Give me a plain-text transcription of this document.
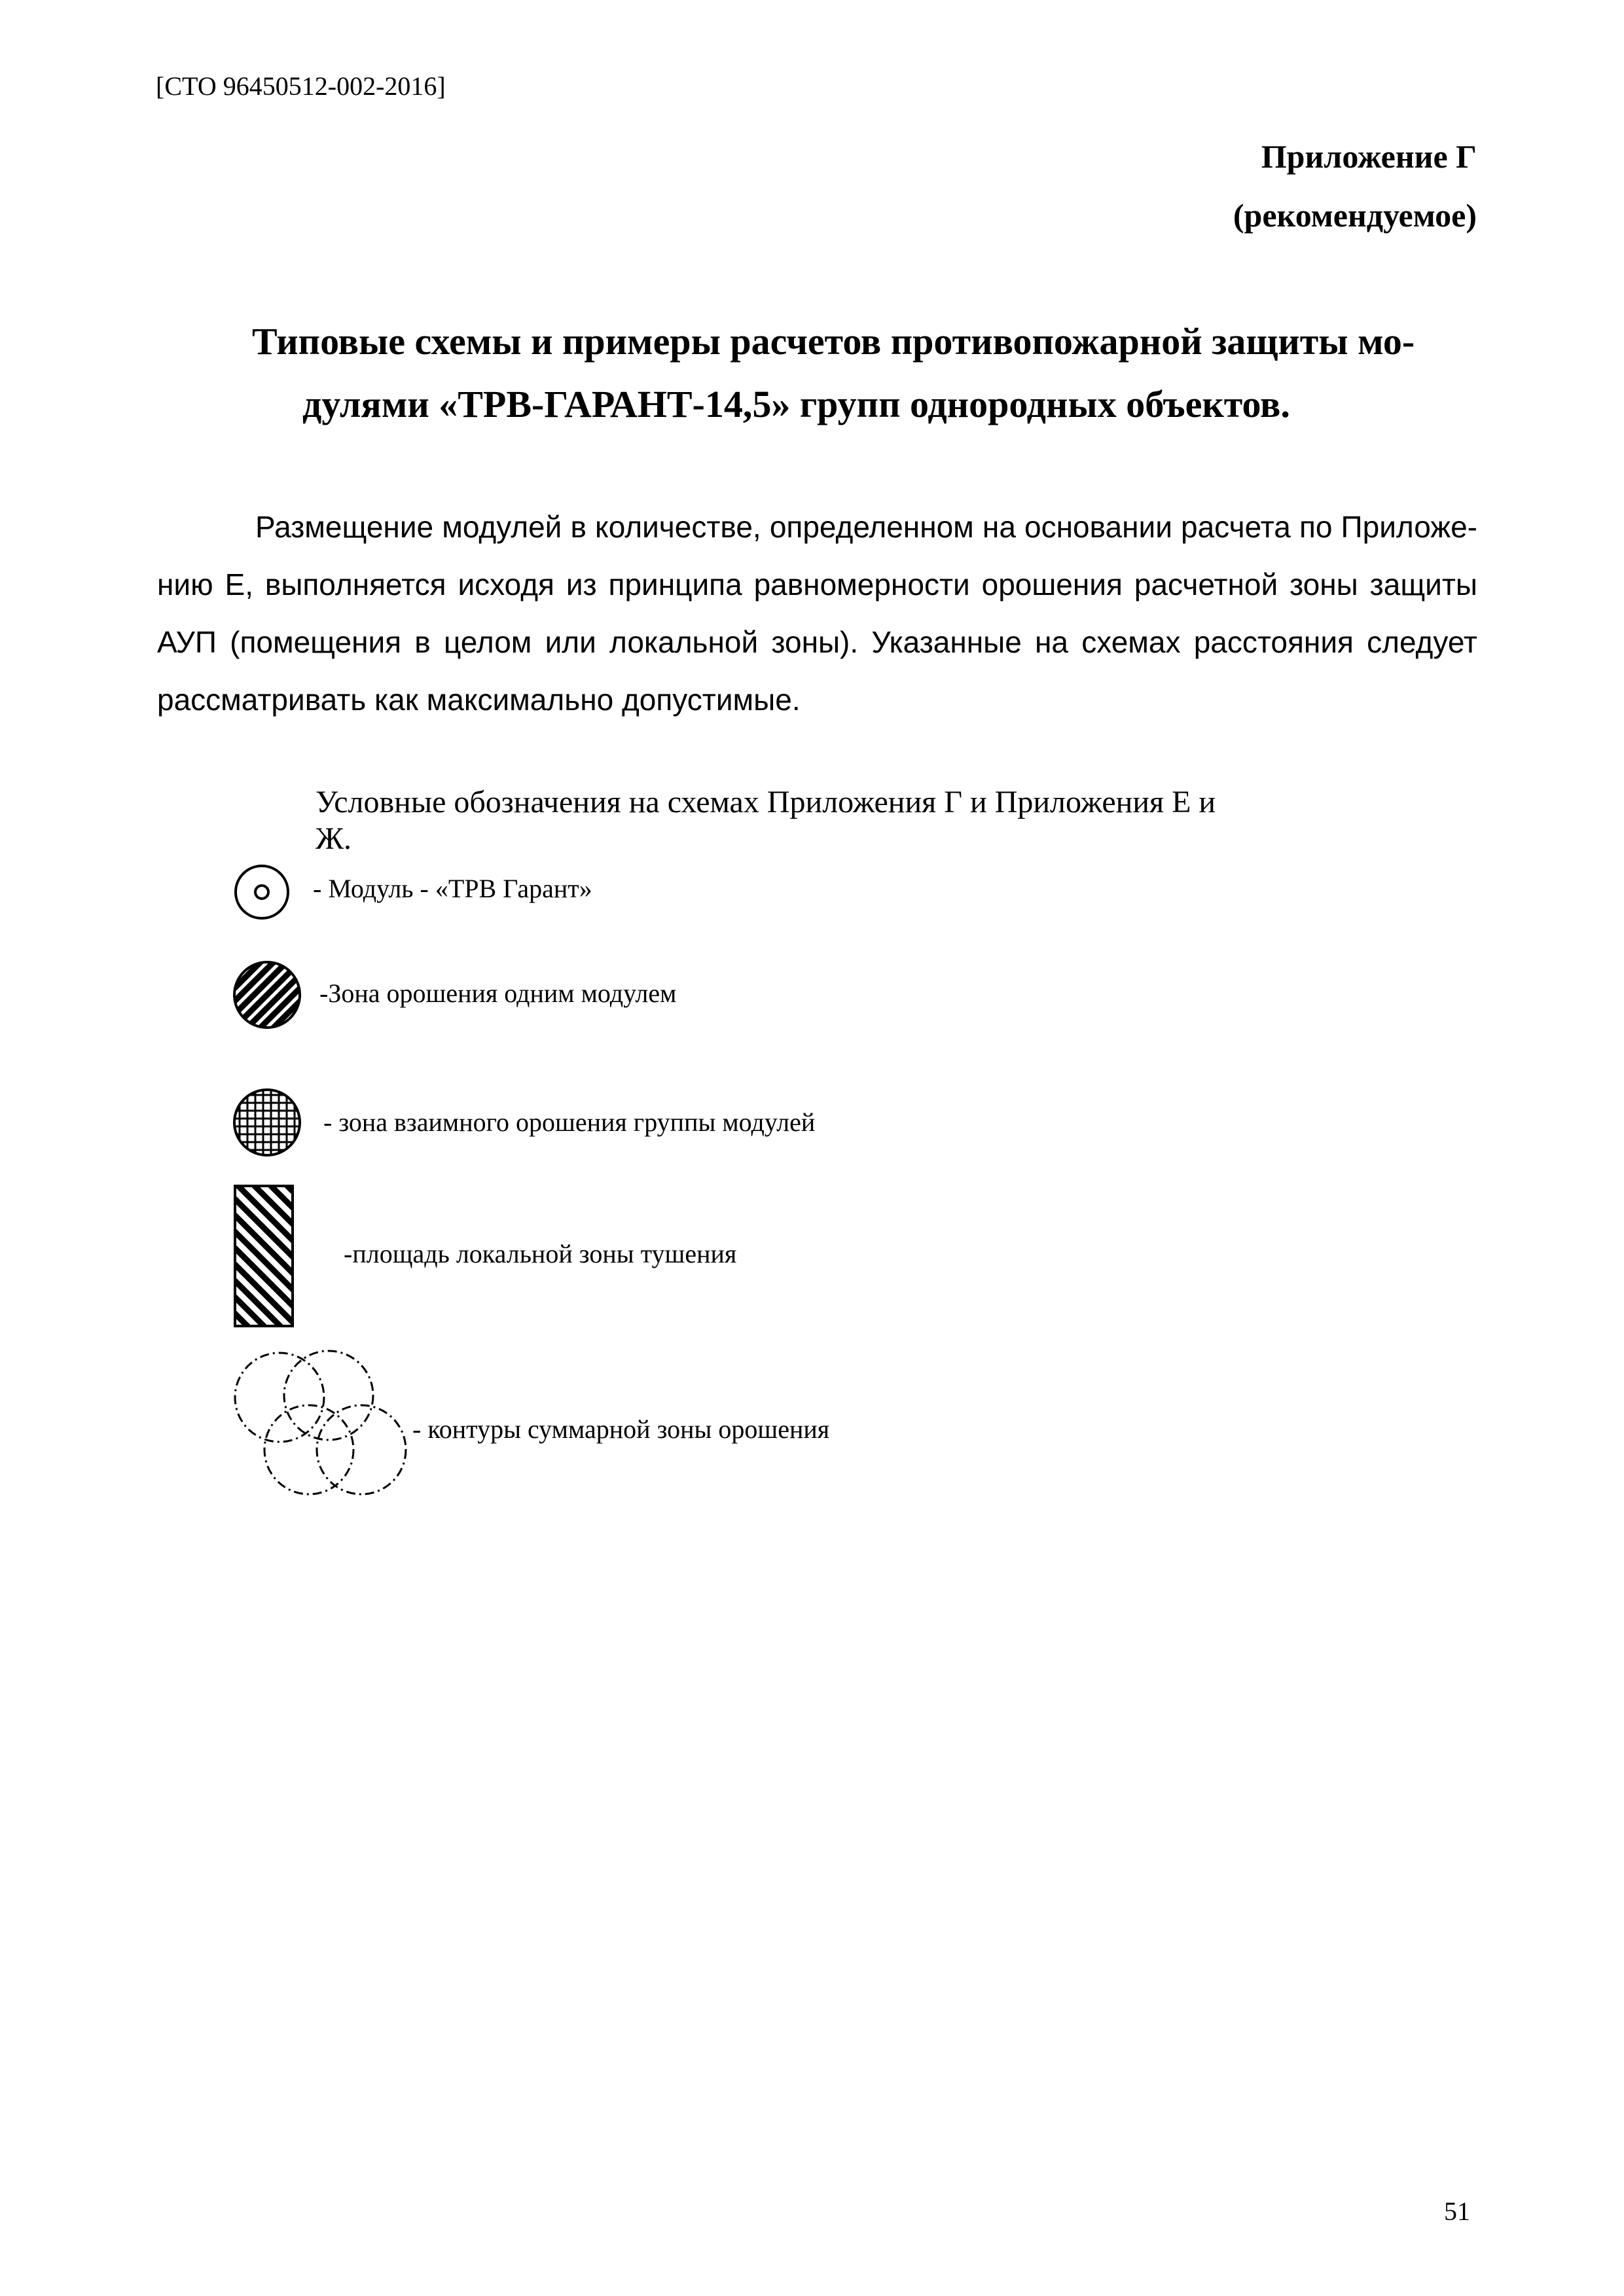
[СТО 96450512-002-2016]
Приложение Г
(рекомендуемое)
Типовые схемы и примеры расчетов противопожарной защиты мо-
дулями «ТРВ-ГАРАНТ-14,5» групп однородных объектов.
Размещение модулей в количестве, определенном на основании расчета по Приложе-
нию Е, выполняется исходя из принципа равномерности орошения расчетной зоны защиты
АУП (помещения в целом или локальной зоны). Указанные на схемах расстояния следует
рассматривать как максимально допустимые.
Условные обозначения на схемах Приложения Г и Приложения Е и
Ж.
- Модуль - «ТРВ Гарант»
-Зона орошения одним модулем
- зона взаимного орошения группы модулей
-площадь локальной зоны тушения
- контуры суммарной зоны орошения
51
